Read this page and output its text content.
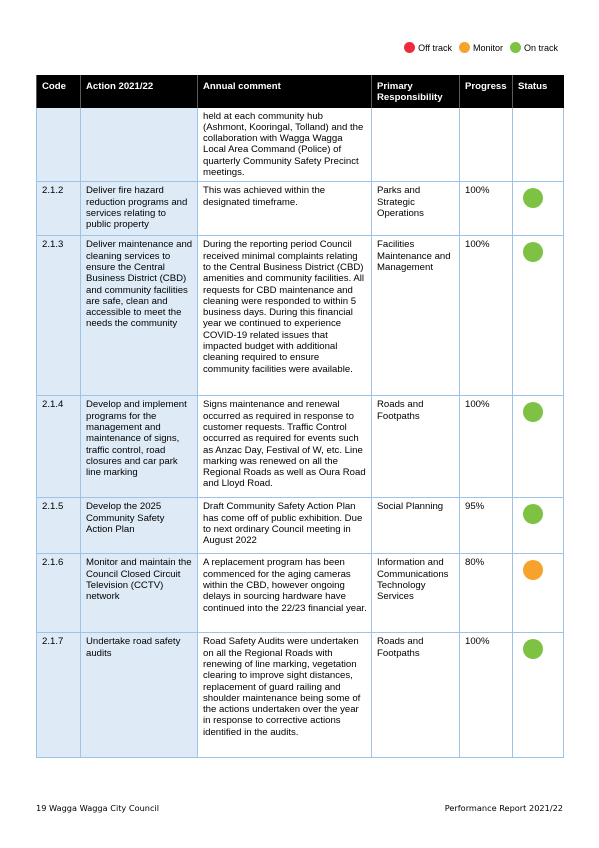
Off track Monitor On track
Code	Action 2021/22	Annual comment	Primary Responsibility	Progress	Status
		held at each community hub (Ashmont, Kooringal, Tolland) and the collaboration with Wagga Wagga Local Area Command (Police) of quarterly Community Safety Precinct meetings.			
2.1.2	Deliver fire hazard reduction programs and services relating to public property	This was achieved within the designated timeframe.	Parks and Strategic Operations	100%	

2.1.3	Deliver maintenance and cleaning services to ensure the Central Business District (CBD) and community facilities are safe, clean and accessible to meet the needs the community	During the reporting period Council received minimal complaints relating to the Central Business District (CBD) amenities and community facilities. All requests for CBD maintenance and cleaning were responded to within 5 business days. During this financial year we continued to experience COVID-19 related issues that impacted budget with additional cleaning required to ensure community facilities were available.	Facilities Maintenance and Management	100%	

2.1.4	Develop and implement programs for the management and maintenance of signs, traffic control, road closures and car park line marking	Signs maintenance and renewal occurred as required in response to customer requests. Traffic Control occurred as required for events such as Anzac Day, Festival of W, etc. Line marking was renewed on all the Regional Roads as well as Oura Road and Lloyd Road.	Roads and Footpaths	100%	

2.1.5	Develop the 2025 Community Safety Action Plan	Draft Community Safety Action Plan has come off of public exhibition. Due to next ordinary Council meeting in August 2022	Social Planning	95%	

2.1.6	Monitor and maintain the Council Closed Circuit Television (CCTV) network	A replacement program has been commenced for the aging cameras within the CBD, however ongoing delays in sourcing hardware have continued into the 22/23 financial year.	Information and Communications Technology Services	80%	

2.1.7	Undertake road safety audits	Road Safety Audits were undertaken on all the Regional Roads with renewing of line marking, vegetation clearing to improve sight distances, replacement of guard railing and shoulder maintenance being some of the actions undertaken over the year in response to corrective actions identified in the audits.	Roads and Footpaths	100%	
19 Wagga Wagga City Council	Performance Report 2021/22
